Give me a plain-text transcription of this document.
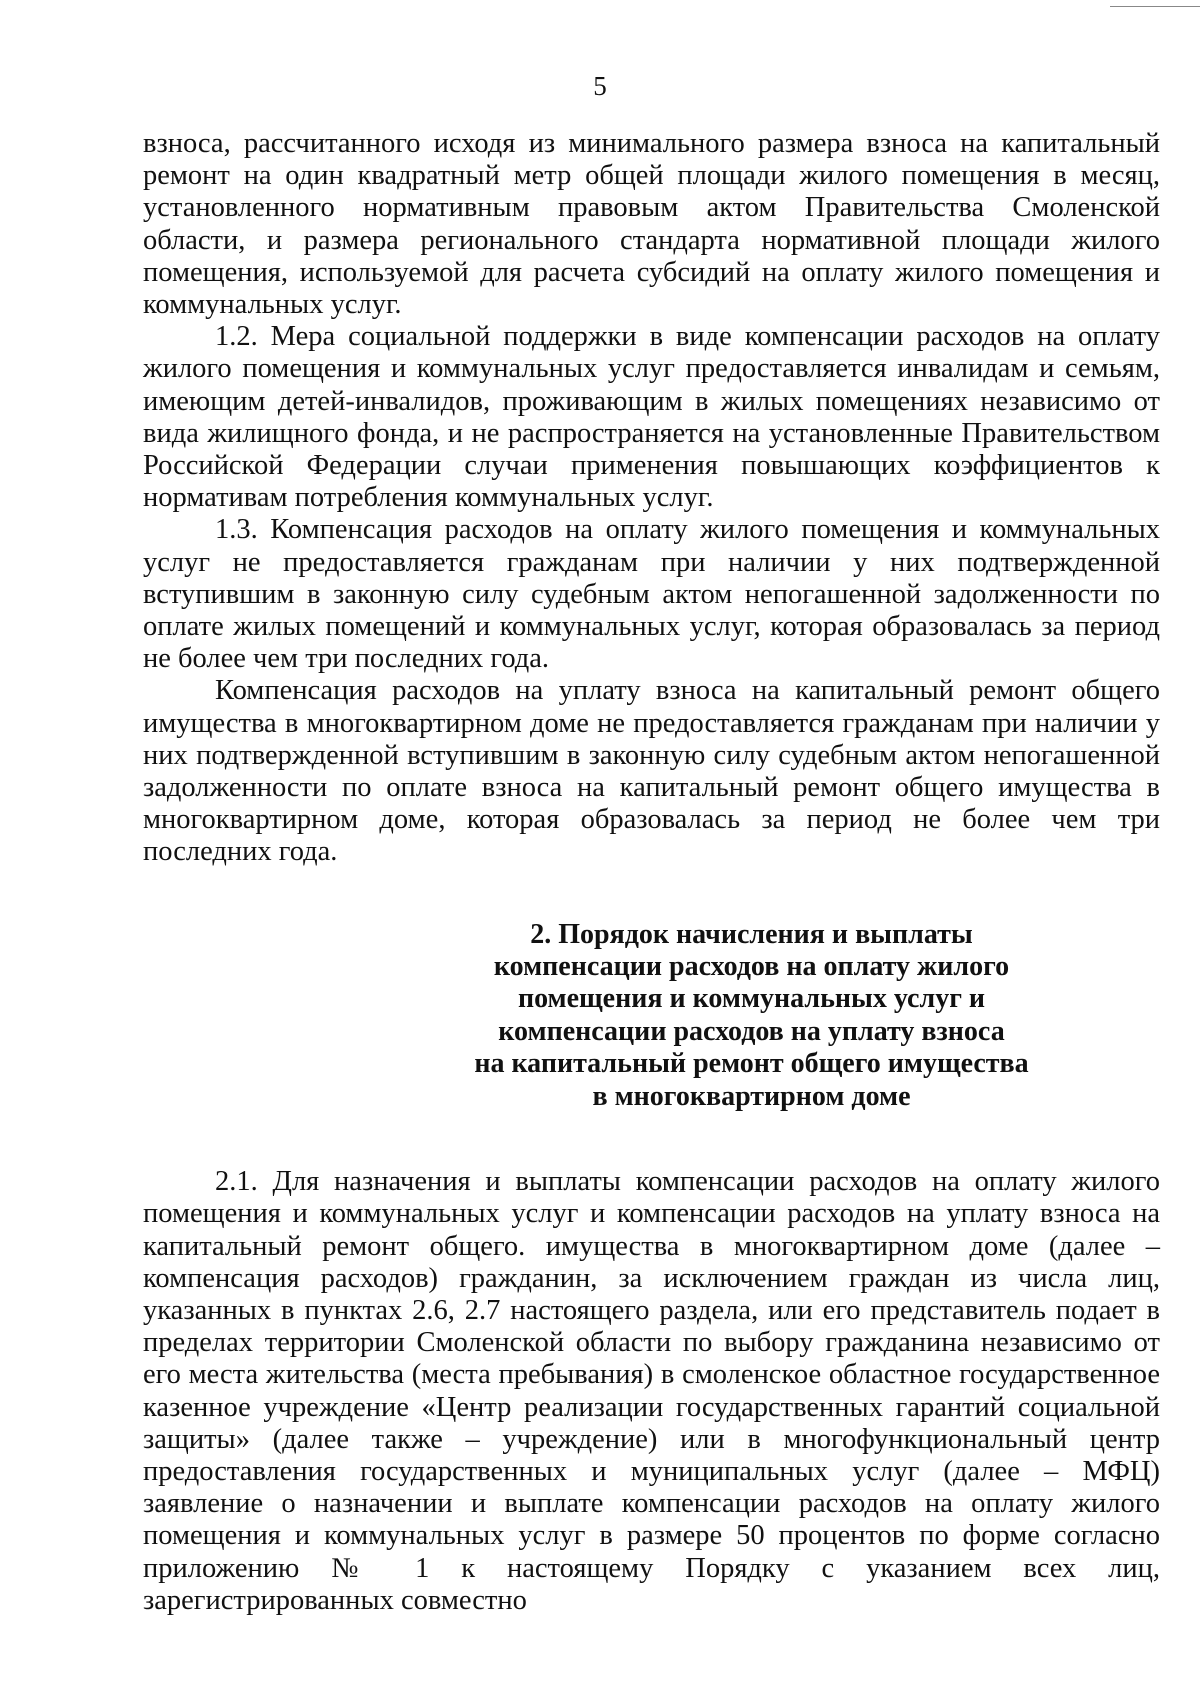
5

взноса, рассчитанного исходя из минимального размера взноса на капитальный ремонт на один квадратный метр общей площади жилого помещения в месяц, установленного нормативным правовым актом Правительства Смоленской области, и размера регионального стандарта нормативной площади жилого помещения, используемой для расчета субсидий на оплату жилого помещения и коммунальных услуг.

1.2. Мера социальной поддержки в виде компенсации расходов на оплату жилого помещения и коммунальных услуг предоставляется инвалидам и семьям, имеющим детей-инвалидов, проживающим в жилых помещениях независимо от вида жилищного фонда, и не распространяется на установленные Правительством Российской Федерации случаи применения повышающих коэффициентов к нормативам потребления коммунальных услуг.

1.3. Компенсация расходов на оплату жилого помещения и коммунальных услуг не предоставляется гражданам при наличии у них подтвержденной вступившим в законную силу судебным актом непогашенной задолженности по оплате жилых помещений и коммунальных услуг, которая образовалась за период не более чем три последних года.

Компенсация расходов на уплату взноса на капитальный ремонт общего имущества в многоквартирном доме не предоставляется гражданам при наличии у них подтвержденной вступившим в законную силу судебным актом непогашенной задолженности по оплате взноса на капитальный ремонт общего имущества в многоквартирном доме, которая образовалась за период не более чем три последних года.

2. Порядок начисления и выплаты
компенсации расходов на оплату жилого
помещения и коммунальных услуг и
компенсации расходов на уплату взноса
на капитальный ремонт общего имущества
в многоквартирном доме

2.1. Для назначения и выплаты компенсации расходов на оплату жилого помещения и коммунальных услуг и компенсации расходов на уплату взноса на капитальный ремонт общего. имущества в многоквартирном доме (далее – компенсация расходов) гражданин, за исключением граждан из числа лиц, указанных в пунктах 2.6, 2.7 настоящего раздела, или его представитель подает в пределах территории Смоленской области по выбору гражданина независимо от его места жительства (места пребывания) в смоленское областное государственное казенное учреждение «Центр реализации государственных гарантий социальной защиты» (далее также – учреждение) или в многофункциональный центр предоставления государственных и муниципальных услуг (далее – МФЦ) заявление о назначении и выплате компенсации расходов на оплату жилого помещения и коммунальных услуг в размере 50 процентов по форме согласно приложению № 1 к настоящему Порядку с указанием всех лиц, зарегистрированных совместно
